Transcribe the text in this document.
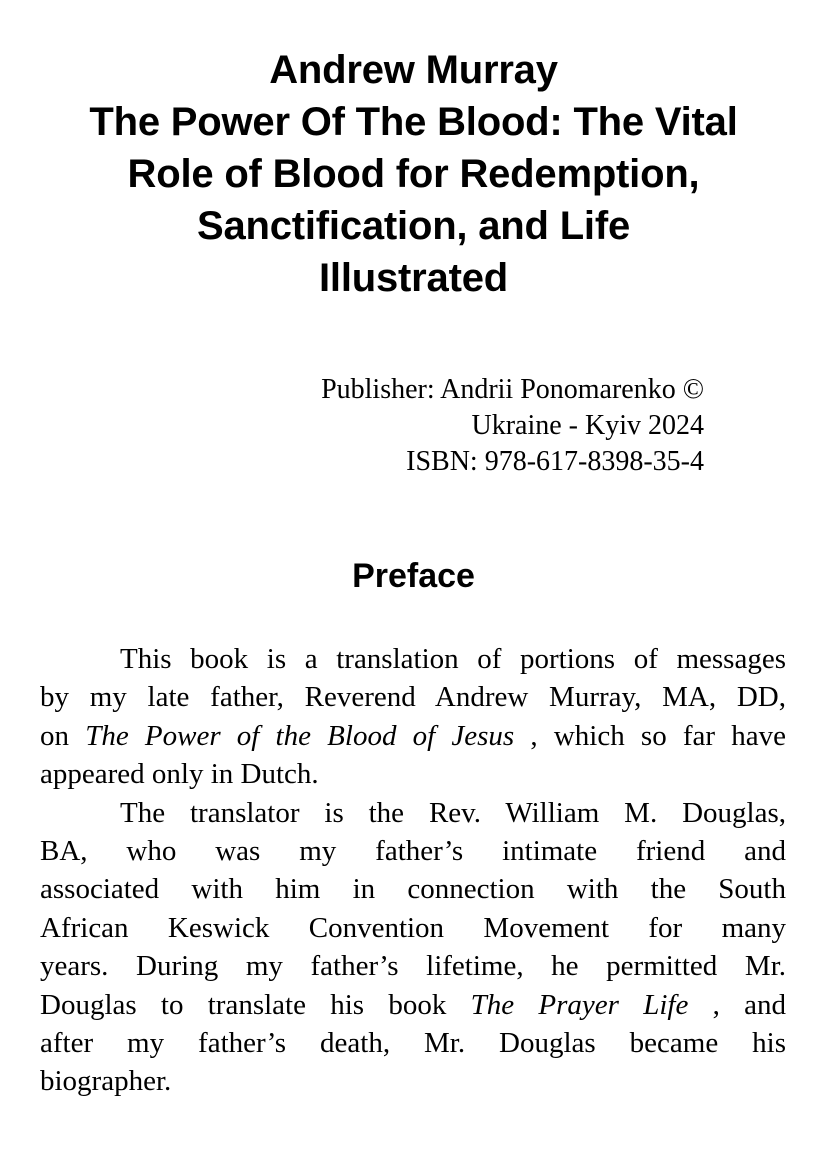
Andrew Murray
The Power Of The Blood: The Vital
Role of Blood for Redemption,
Sanctification, and Life
Illustrated
Publisher: Andrii Ponomarenko ©
Ukraine - Kyiv 2024
ISBN: 978-617-8398-35-4
Preface
This book is a translation of portions of messages
by my late father, Reverend Andrew Murray, MA, DD,
on The Power of the Blood of Jesus , which so far have
appeared only in Dutch.
The translator is the Rev. William M. Douglas,
BA, who was my father’s intimate friend and
associated with him in connection with the South
African Keswick Convention Movement for many
years. During my father’s lifetime, he permitted Mr.
Douglas to translate his book The Prayer Life , and
after my father’s death, Mr. Douglas became his
biographer.
